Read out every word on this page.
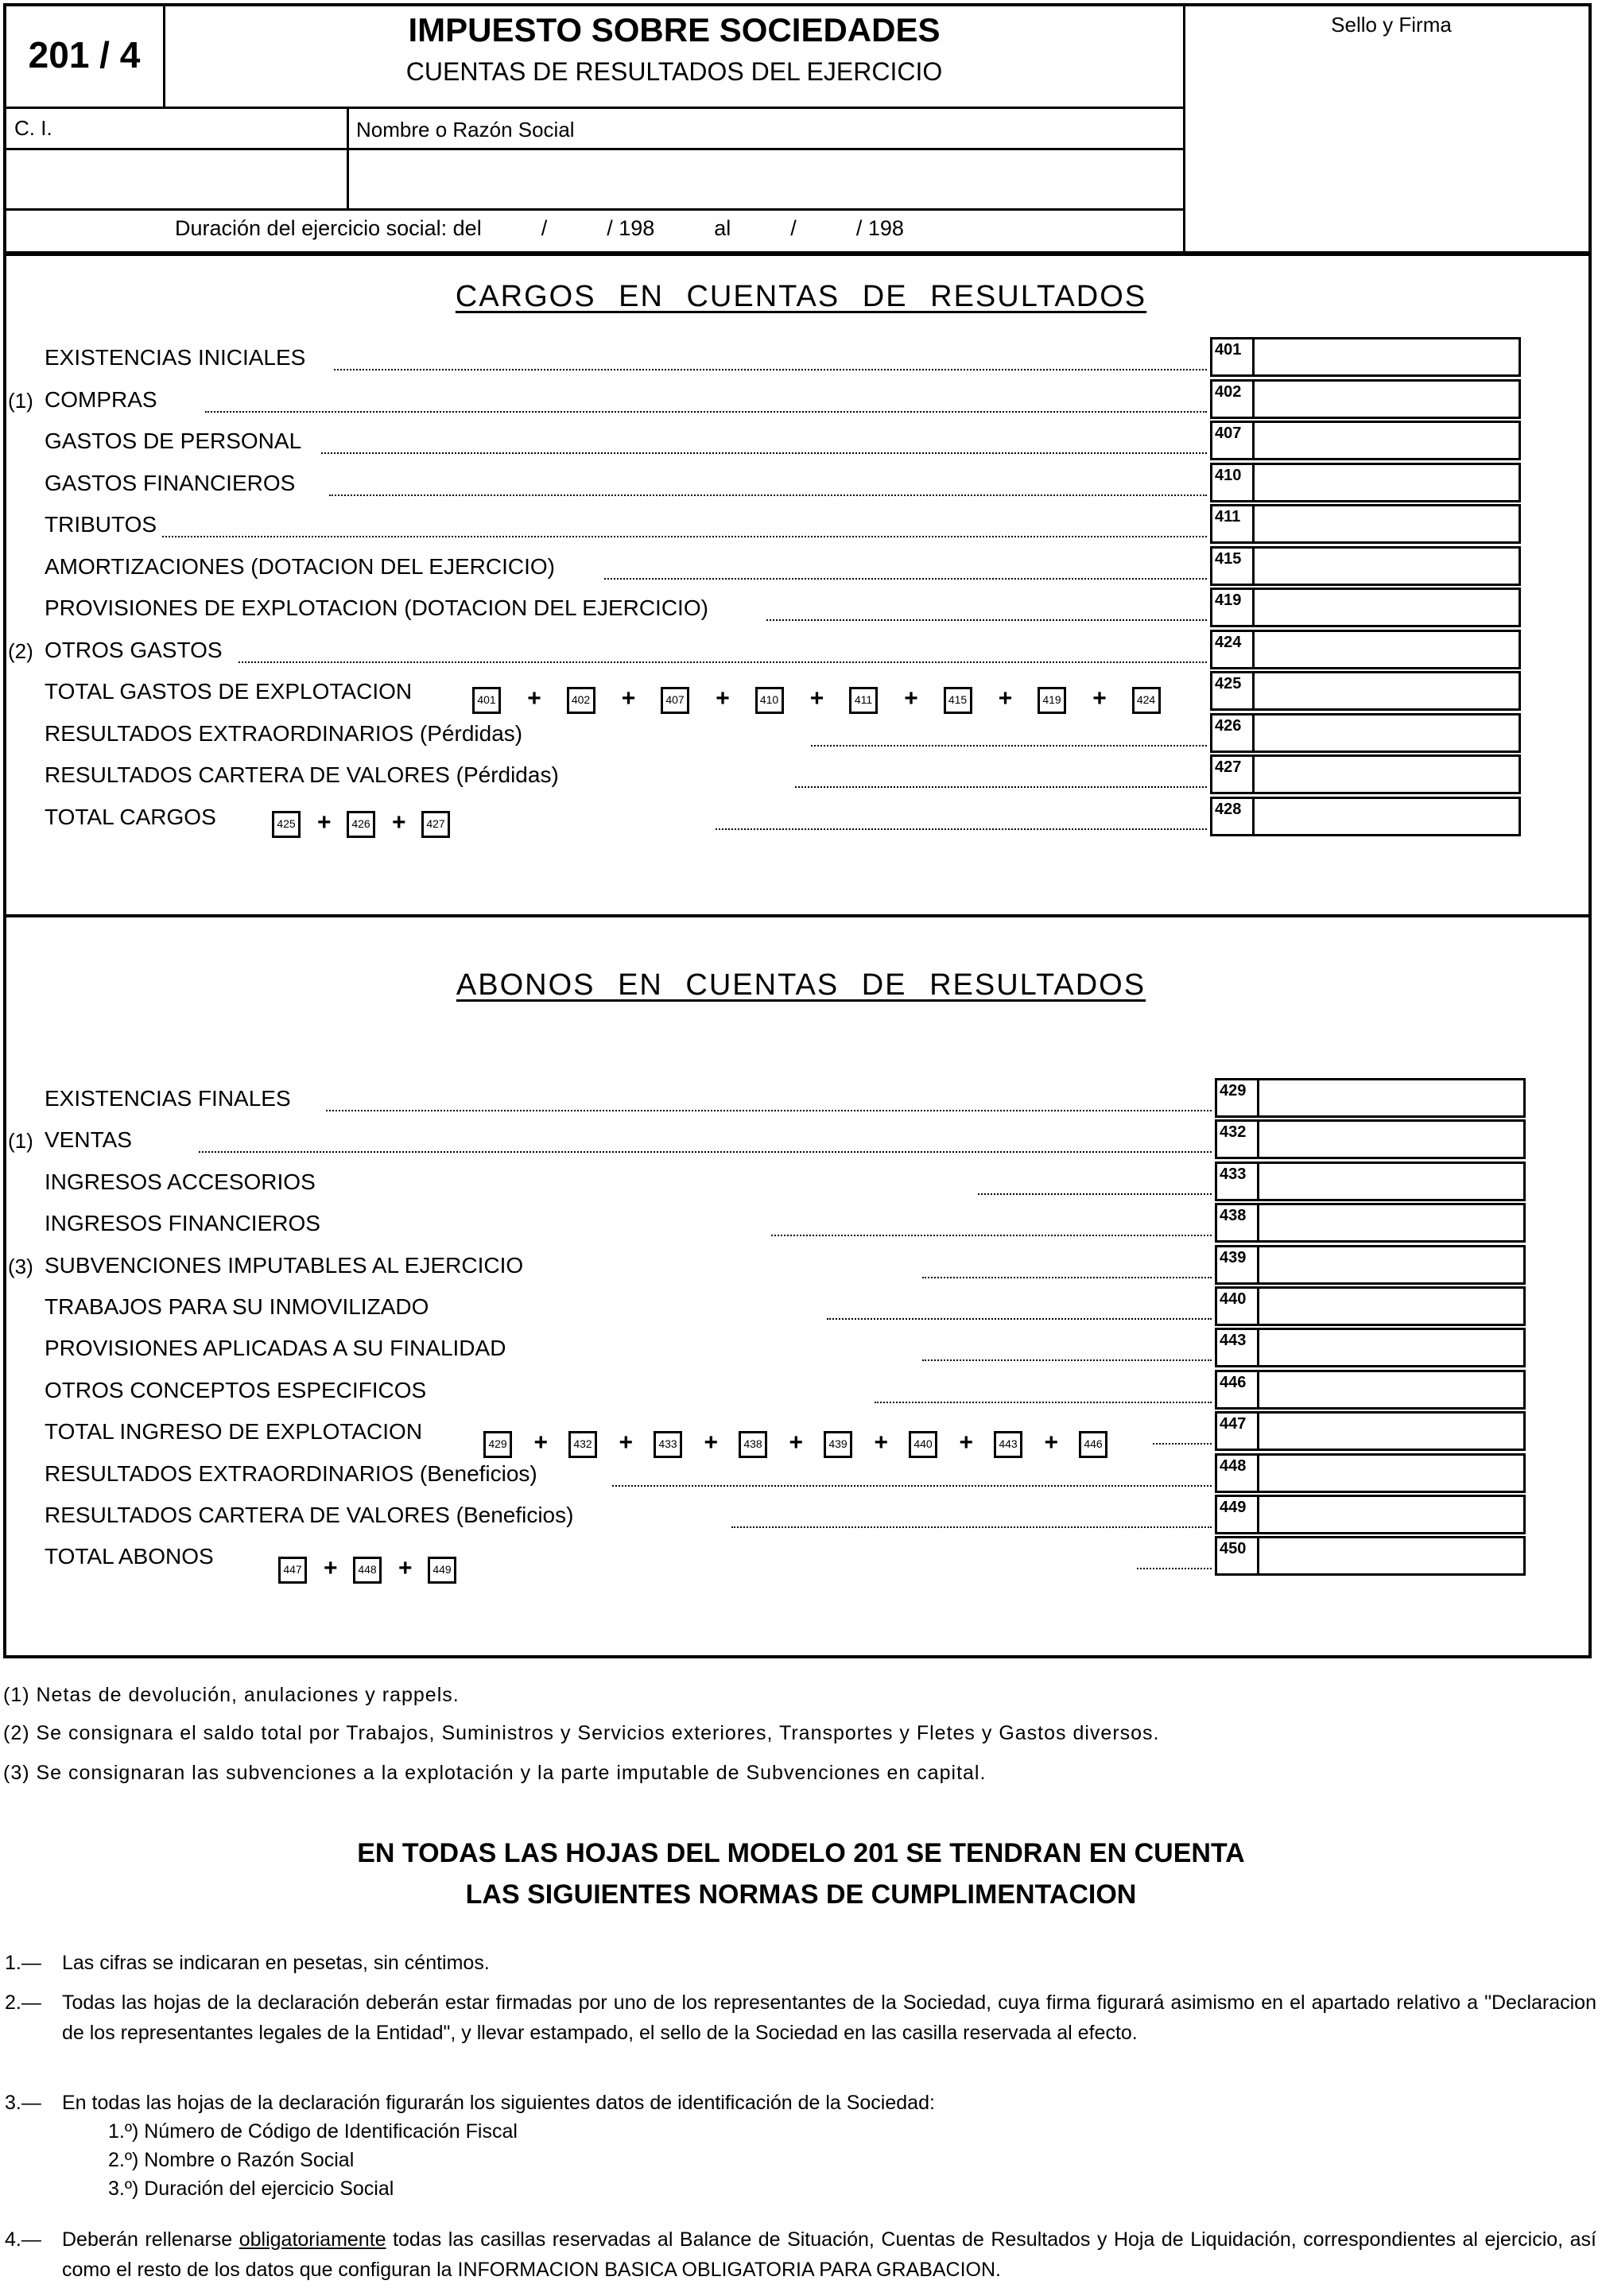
201 / 4
IMPUESTO SOBRE SOCIEDADES
CUENTAS DE RESULTADOS DEL EJERCICIO
Sello y Firma
C. I.	Nombre o Razón Social
Duración del ejercicio social: del          /          / 198          al          /          / 198
CARGOS EN CUENTAS DE RESULTADOS
EXISTENCIAS INICIALES	401
(1) COMPRAS	402
GASTOS DE PERSONAL	407
GASTOS FINANCIEROS	410
TRIBUTOS	411
AMORTIZACIONES (DOTACION DEL EJERCICIO)	415
PROVISIONES DE EXPLOTACION (DOTACION DEL EJERCICIO)	419
(2) OTROS GASTOS	424
TOTAL GASTOS DE EXPLOTACION	425
RESULTADOS EXTRAORDINARIOS (Pérdidas)	426
RESULTADOS CARTERA DE VALORES (Pérdidas)	427
TOTAL CARGOS	428
401 +	402 +	407 +	410 +	411 +	415 +	419 +	424
425 +	426 +	427
ABONOS EN CUENTAS DE RESULTADOS
EXISTENCIAS FINALES	429
(1) VENTAS	432
INGRESOS ACCESORIOS	433
INGRESOS FINANCIEROS	438
(3) SUBVENCIONES IMPUTABLES AL EJERCICIO	439
TRABAJOS PARA SU INMOVILIZADO	440
PROVISIONES APLICADAS A SU FINALIDAD	443
OTROS CONCEPTOS ESPECIFICOS	446
TOTAL INGRESO DE EXPLOTACION	447
RESULTADOS EXTRAORDINARIOS (Beneficios)	448
RESULTADOS CARTERA DE VALORES (Beneficios)	449
TOTAL ABONOS	450
429 +	432 +	433 +	438 +	439 +	440 +	443 +	446
447 +	448 +	449
(1) Netas de devolución, anulaciones y rappels.
(2) Se consignara el saldo total por Trabajos, Suministros y Servicios exteriores, Transportes y Fletes y Gastos diversos.
(3) Se consignaran las subvenciones a la explotación y la parte imputable de Subvenciones en capital.
EN TODAS LAS HOJAS DEL MODELO 201 SE TENDRAN EN CUENTA
LAS SIGUIENTES NORMAS DE CUMPLIMENTACION
1.— Las cifras se indicaran en pesetas, sin céntimos.
2.— Todas las hojas de la declaración deberán estar firmadas por uno de los representantes de la Sociedad, cuya firma figurará asimismo en el apartado relativo a "Declaracion de los representantes legales de la Entidad", y llevar estampado, el sello de la Sociedad en las casilla reservada al efecto.
3.— En todas las hojas de la declaración figurarán los siguientes datos de identificación de la Sociedad:
1.º) Número de Código de Identificación Fiscal
2.º) Nombre o Razón Social
3.º) Duración del ejercicio Social
4.— Deberán rellenarse obligatoriamente todas las casillas reservadas al Balance de Situación, Cuentas de Resultados y Hoja de Liquidación, correspondientes al ejercicio, así como el resto de los datos que configuran la INFORMACION BASICA OBLIGATORIA PARA GRABACION.
